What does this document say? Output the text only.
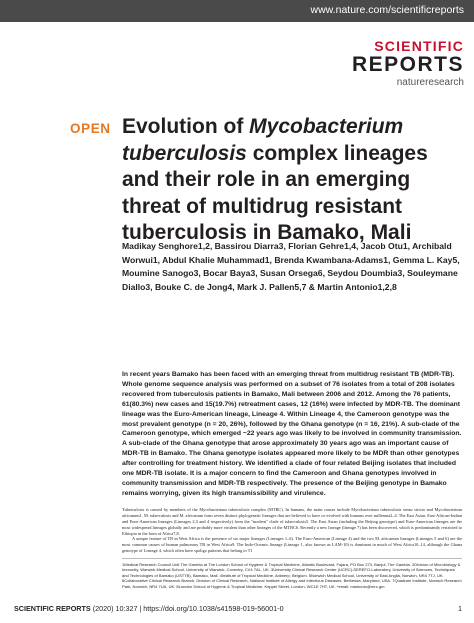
www.nature.com/scientificreports
SCIENTIFIC
REPORTS
natureresearch
OPEN Evolution of Mycobacterium tuberculosis complex lineages and their role in an emerging threat of multidrug resistant tuberculosis in Bamako, Mali
Madikay Senghore1,2, Bassirou Diarra3, Florian Gehre1,4, Jacob Otu1, Archibald Worwui1, Abdul Khalie Muhammad1, Brenda Kwambana-Adams1, Gemma L. Kay5, Moumine Sanogo3, Bocar Baya3, Susan Orsega6, Seydou Doumbia3, Souleymane Diallo3, Bouke C. de Jong4, Mark J. Pallen5,7 & Martin Antonio1,2,8
In recent years Bamako has been faced with an emerging threat from multidrug resistant TB (MDR-TB). Whole genome sequence analysis was performed on a subset of 76 isolates from a total of 208 isolates recovered from tuberculosis patients in Bamako, Mali between 2006 and 2012. Among the 76 patients, 61(80.3%) new cases and 15(19.7%) retreatment cases, 12 (16%) were infected by MDR-TB. The dominant lineage was the Euro-American lineage, Lineage 4. Within Lineage 4, the Cameroon genotype was the most prevalent genotype (n = 20, 26%), followed by the Ghana genotype (n = 16, 21%). A sub-clade of the Cameroon genotype, which emerged ~22 years ago was likely to be involved in community transmission. A sub-clade of the Ghana genotype that arose approximately 30 years ago was an important cause of MDR-TB in Bamako. The Ghana genotype isolates appeared more likely to be MDR than other genotypes after controlling for treatment history. We identified a clade of four related Beijing isolates that included one MDR-TB isolate. It is a major concern to find the Cameroon and Ghana genotypes involved in community transmission and MDR-TB respectively. The presence of the Beijing genotype in Bamako remains worrying, given its high transmissibility and virulence.

Tuberculosis is caused by members of the Mycobacterium tuberculosis complex (MTBC). In humans, the main causes include Mycobacterium tuberculosis sensu stricto and Mycobacterium africanum1. M. tuberculosis and M. africanum form seven distinct phylogenetic lineages that are believed to have co-evolved with humans over millennia2–4. The East Asian, East-African-Indian and Euro-American lineages (Lineages 2,3 and 4 respectively) form the "modern" clade of tuberculosis5. The East Asian (including the Beijing genotype) and Euro-American lineages are the most widespread lineages globally and are probably more virulent than other lineages of the MTBC6. Recently a new lineage (lineage 7) has been discovered, which is predominantly restricted to Ethiopia in the horn of Africa7,8.

A unique feature of TB in West Africa is the presence of six major lineages (Lineages 1–6). The Euro-American (Lineage 4) and the two M. africanum lineages (Lineages 5 and 6) are the most common causes of human pulmonary TB in West Africa9. The Indo-Oceanic lineage (Lineage 1, also known as LAM-10) is dominant in much of West Africa10–14, although the Ghana genotype of Lineage 4, which often have spoligo patterns that belong to T1

1Medical Research Council Unit The Gambia at The London School of Hygiene & Tropical Medicine, Atlantic Boulevard, Fajara, PO Box 273, Banjul, The Gambia. 2Division of Microbiology & Immunity, Warwick Medical School, University of Warwick, Coventry, CV4 7AL, UK. 3University Clinical Research Center (UCRC)-SEREFO-Laboratory, University of Sciences, Techniques and Technologies of Bamako (USTTB), Bamako, Mali. 4Institute of Tropical Medicine, Antwerp, Belgium. 5Norwich Medical School, University of East Anglia, Norwich, NR4 7TJ, UK. 6Collaborative Clinical Research Branch, Division of Clinical Research, National Institute of Allergy and Infectious Diseases, Bethesda, Maryland, USA. 7Quadram Institute, Norwich Research Park, Norwich, NR4 7UA, UK. 8London School of Hygiene & Tropical Medicine, Keppel Street, London, WC1E 7HT, UK. *email: mantonio@mrc.gm
SCIENTIFIC REPORTS (2020) 10:327 | https://doi.org/10.1038/s41598-019-56001-0	1
